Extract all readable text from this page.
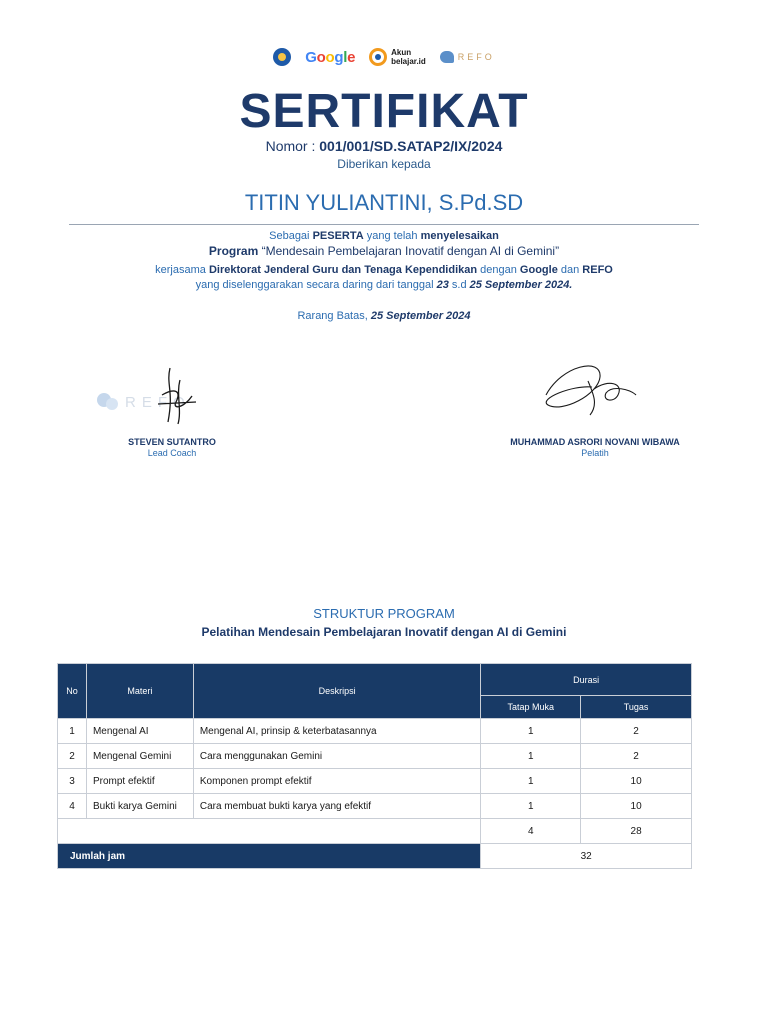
Google	Akun
belajar.id	REFO
SERTIFIKAT
Nomor : 001/001/SD.SATAP2/IX/2024
Diberikan kepada
TITIN YULIANTINI, S.Pd.SD
Sebagai PESERTA yang telah menyelesaikan
Program “Mendesain Pembelajaran Inovatif dengan AI di Gemini”
kerjasama Direktorat Jenderal Guru dan Tenaga Kependidikan dengan Google dan REFO
yang diselenggarakan secara daring dari tanggal 23 s.d 25 September 2024.
Rarang Batas, 25 September 2024
REFO
STEVEN SUTANTRO
Lead Coach
MUHAMMAD ASRORI NOVANI WIBAWA
Pelatih
STRUKTUR PROGRAM
Pelatihan Mendesain Pembelajaran Inovatif dengan AI di Gemini
No	Materi	Deskripsi	Durasi	
			Tatap Muka	Tugas
1	Mengenal AI	Mengenal AI, prinsip & keterbatasannya	1	2
2	Mengenal Gemini	Cara menggunakan Gemini	1	2
3	Prompt efektif	Komponen prompt efektif	1	10
4	Bukti karya Gemini	Cara membuat bukti karya yang efektif	1	10
			4	28
Jumlah jam			32	
